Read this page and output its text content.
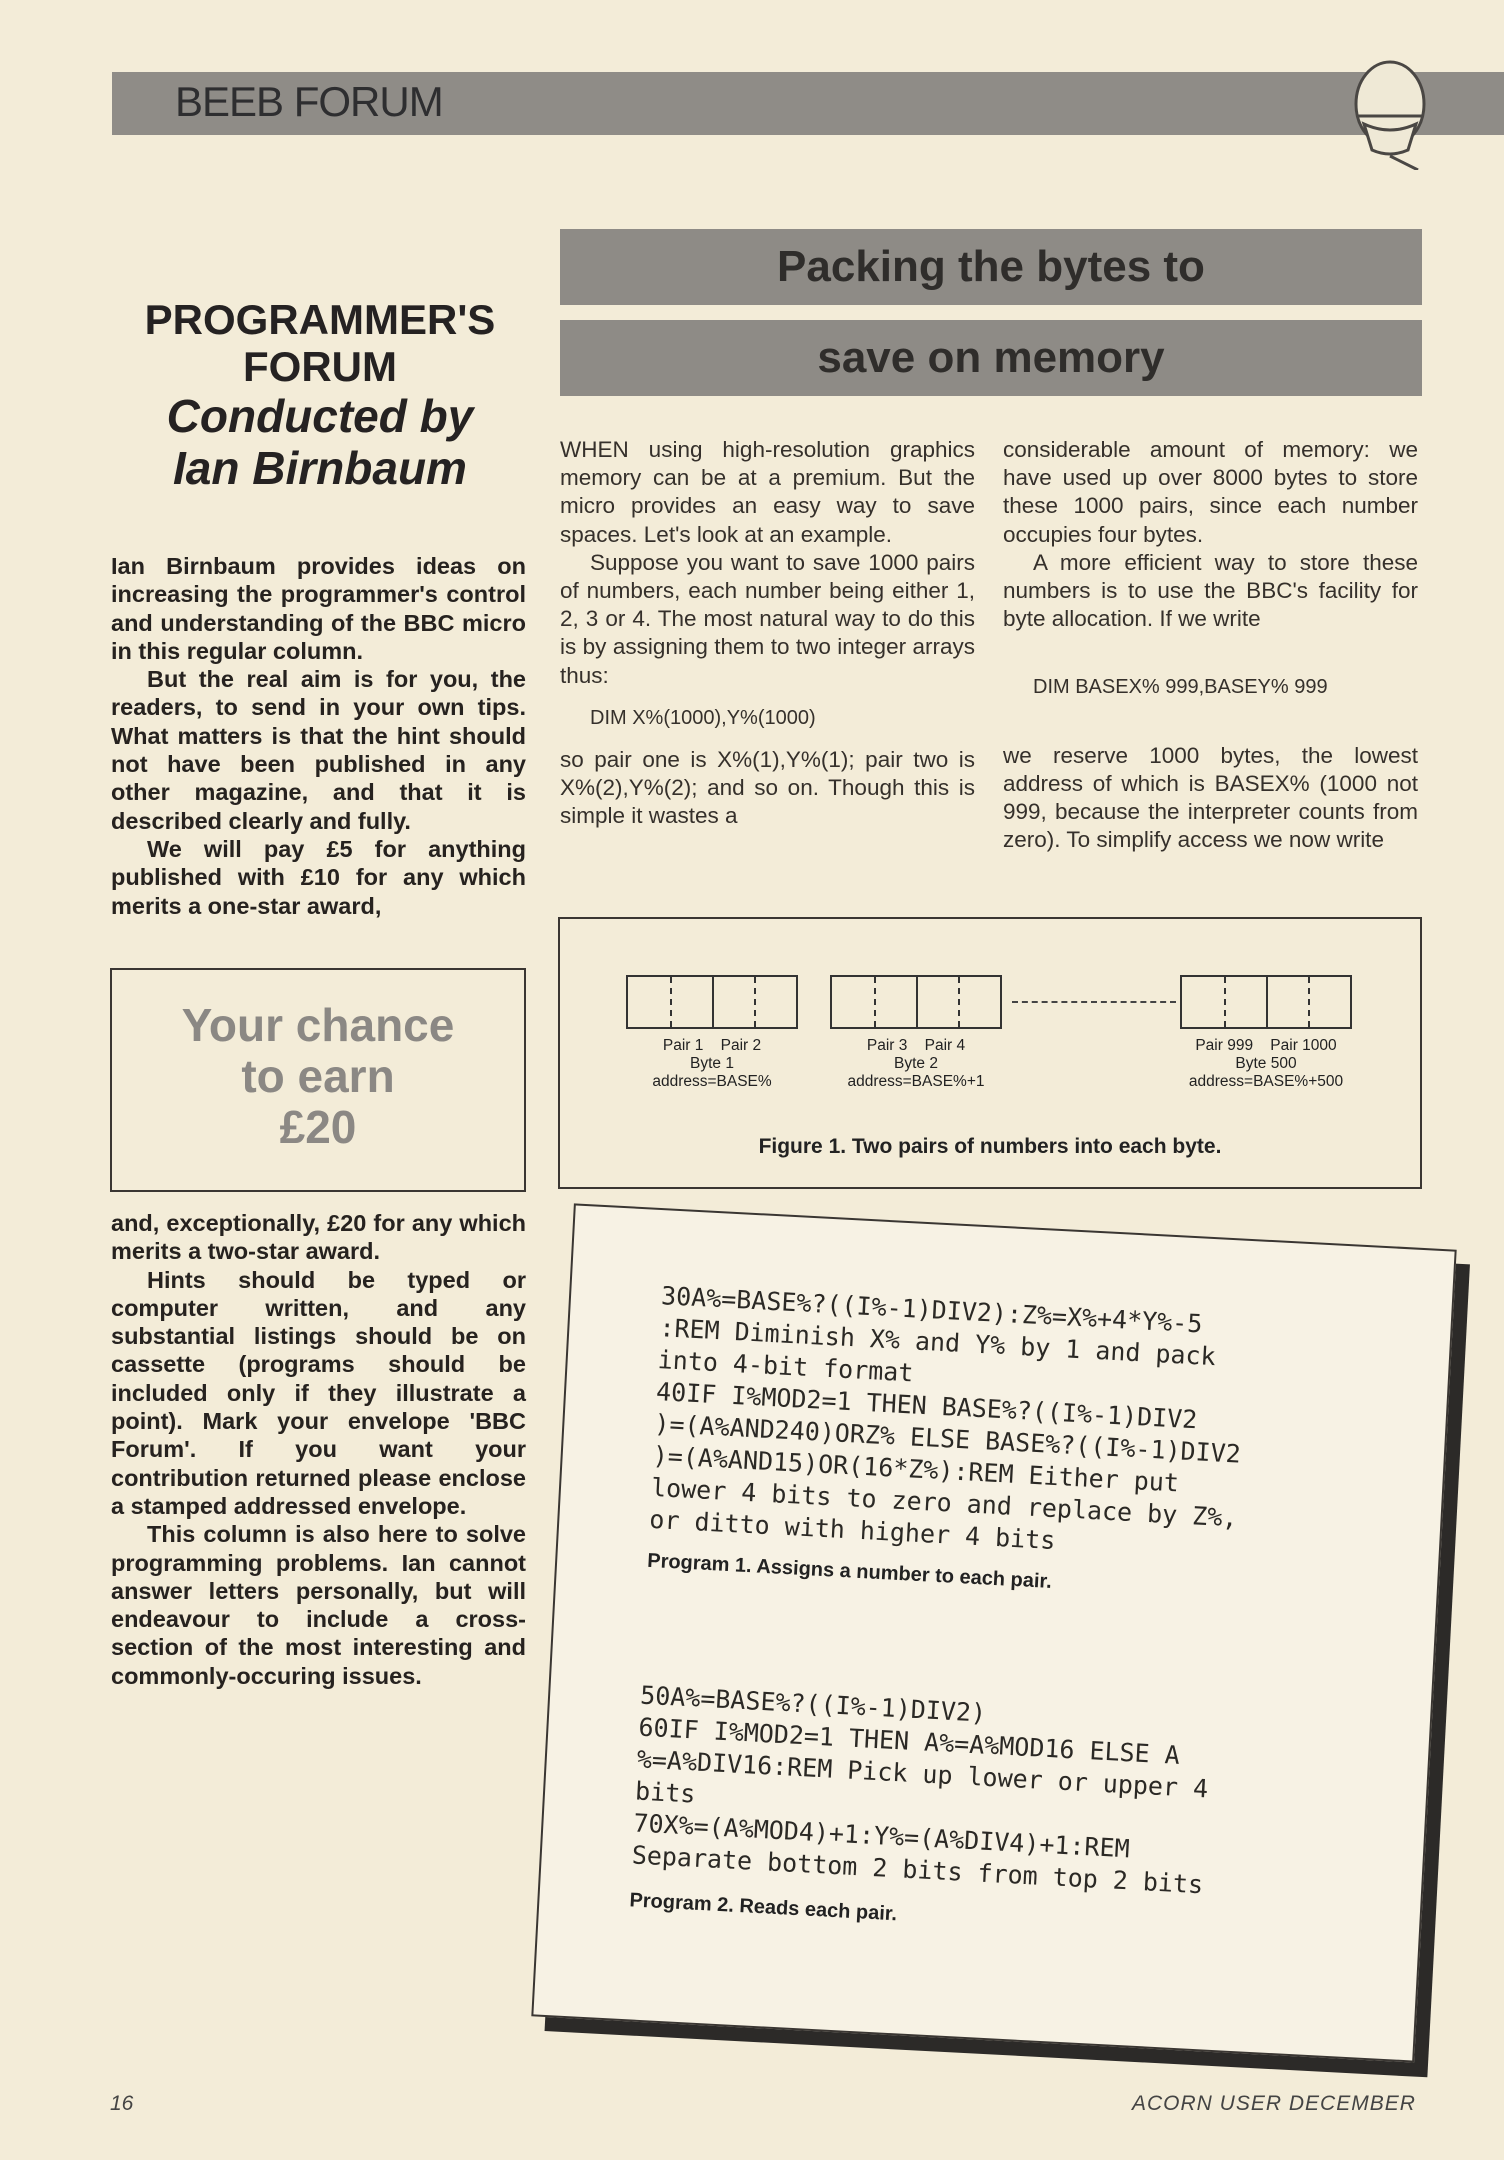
BEEB FORUM
Packing the bytes to
save on memory
PROGRAMMER'S
FORUM
Conducted by
Ian Birnbaum

Ian Birnbaum provides ideas on increasing the programmer's control and understanding of the BBC micro in this regular column.

But the real aim is for you, the readers, to send in your own tips. What matters is that the hint should not have been published in any other magazine, and that it is described clearly and fully.

We will pay £5 for anything published with £10 for any which merits a one-star award,

Your chance
to earn
£20

and, exceptionally, £20 for any which merits a two-star award.

Hints should be typed or computer written, and any substantial listings should be on cassette (programs should be included only if they illustrate a point). Mark your envelope 'BBC Forum'. If you want your contribution returned please enclose a stamped addressed envelope.

This column is also here to solve programming problems. Ian cannot answer letters personally, but will endeavour to include a cross-section of the most interesting and commonly-occuring issues.

WHEN using high-resolution graphics memory can be at a premium. But the micro provides an easy way to save spaces. Let's look at an example.

Suppose you want to save 1000 pairs of numbers, each number being either 1, 2, 3 or 4. The most natural way to do this is by assigning them to two integer arrays thus:

DIM X%(1000),Y%(1000)

so pair one is X%(1),Y%(1); pair two is X%(2),Y%(2); and so on. Though this is simple it wastes a

considerable amount of memory: we have used up over 8000 bytes to store these 1000 pairs, since each number occupies four bytes.

A more efficient way to store these numbers is to use the BBC's facility for byte allocation. If we write

DIM BASEX% 999,BASEY% 999

we reserve 1000 bytes, the lowest address of which is BASEX% (1000 not 999, because the interpreter counts from zero). To simplify access we now write

Pair 1    Pair 2
Byte 1
address=BASE%
Pair 3    Pair 4
Byte 2
address=BASE%+1
Pair 999    Pair 1000
Byte 500
address=BASE%+500
Figure 1. Two pairs of numbers into each byte.
30A%=BASE%?((I%-1)DIV2):Z%=X%+4*Y%-5
:REM Diminish X% and Y% by 1 and pack
into 4-bit format
40IF I%MOD2=1 THEN BASE%?((I%-1)DIV2
)=(A%AND240)ORZ% ELSE BASE%?((I%-1)DIV2
)=(A%AND15)OR(16*Z%):REM Either put
lower 4 bits to zero and replace by Z%,
or ditto with higher 4 bits
Program 1. Assigns a number to each pair.
50A%=BASE%?((I%-1)DIV2)
60IF I%MOD2=1 THEN A%=A%MOD16 ELSE A
%=A%DIV16:REM Pick up lower or upper 4
bits
70X%=(A%MOD4)+1:Y%=(A%DIV4)+1:REM
Separate bottom 2 bits from top 2 bits
Program 2. Reads each pair.
16	ACORN USER DECEMBER
